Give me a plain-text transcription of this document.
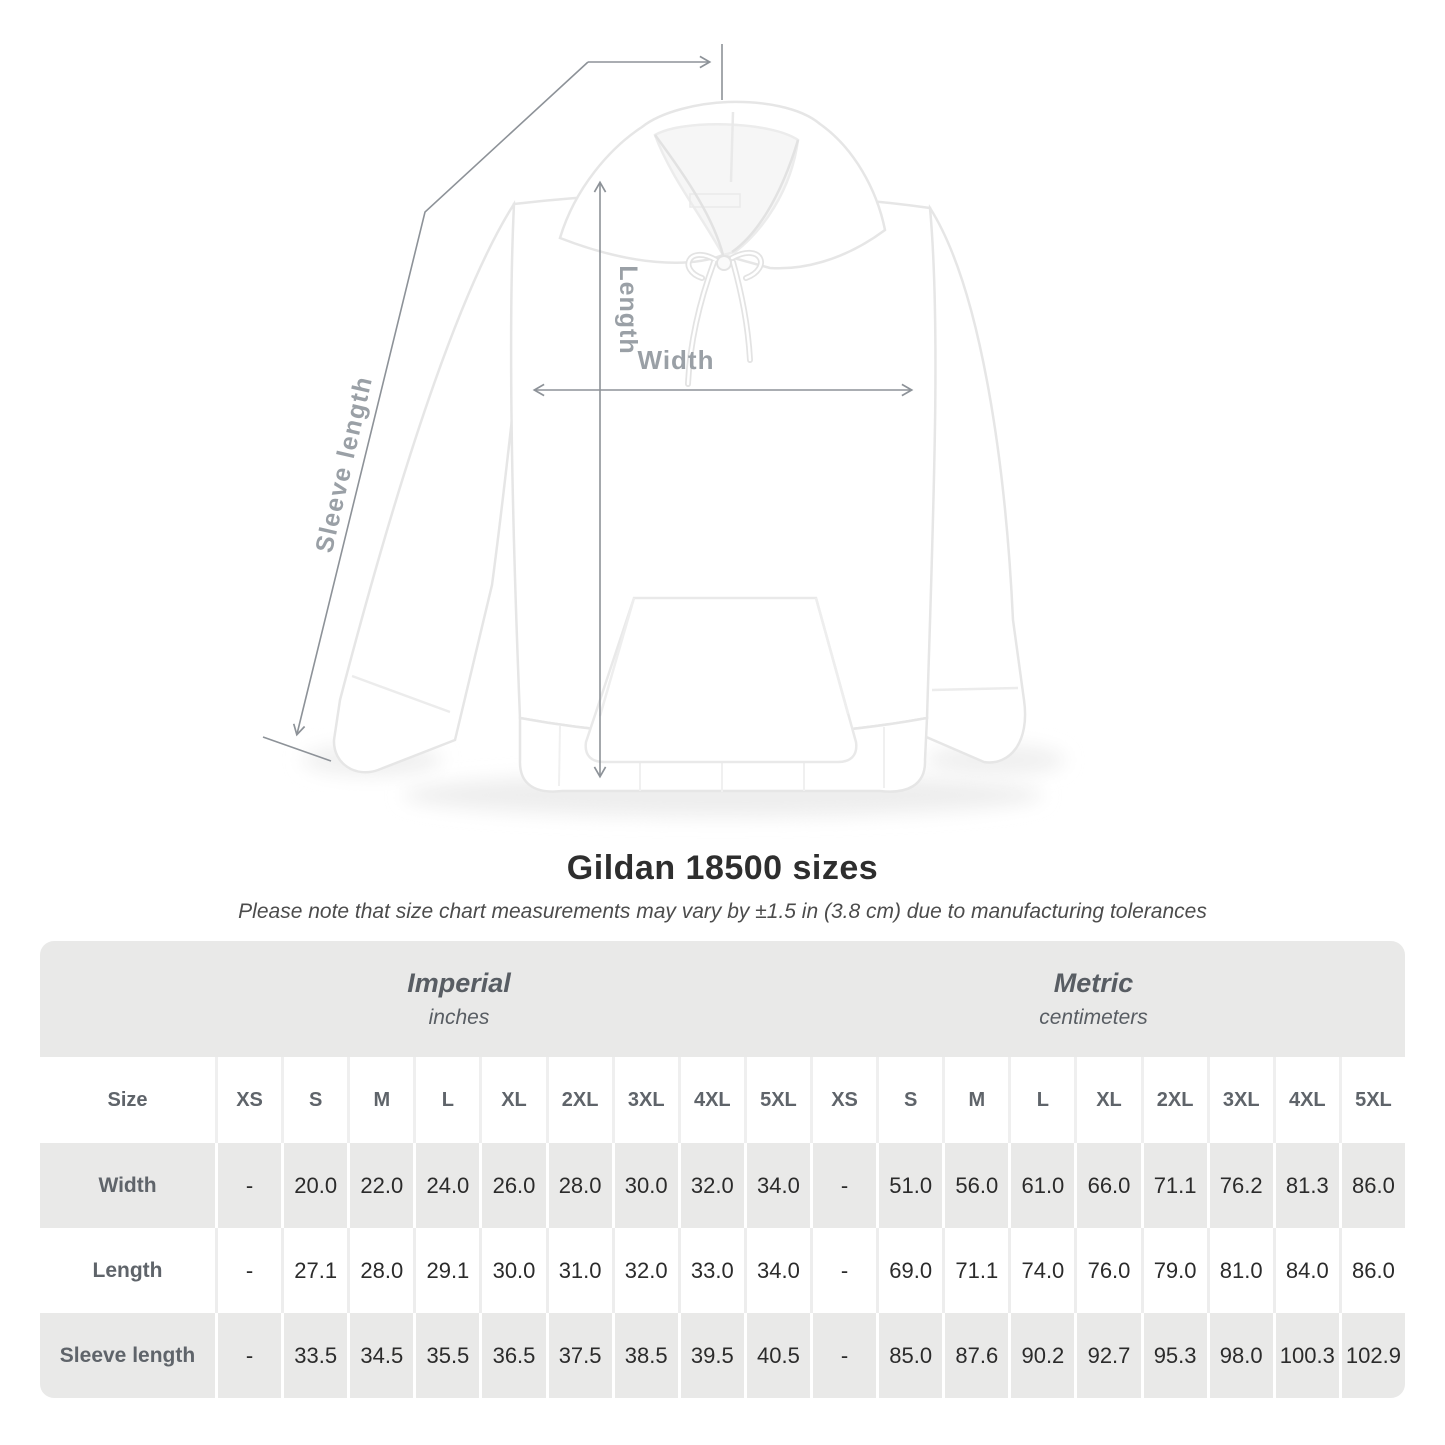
Length
Width
Sleeve length
Gildan 18500 sizes

Please note that size chart measurements may vary by ±1.5 in (3.8 cm) due to manufacturing tolerances

Imperial
inches
Metric
centimeters
Size	XS	S	M	L	XL	2XL	3XL	4XL	5XL	XS	S	M	L	XL	2XL	3XL	4XL	5XL
Width	-	20.0	22.0	24.0	26.0	28.0	30.0	32.0	34.0	-	51.0	56.0	61.0	66.0	71.1	76.2	81.3	86.0
Length	-	27.1	28.0	29.1	30.0	31.0	32.0	33.0	34.0	-	69.0	71.1	74.0	76.0	79.0	81.0	84.0	86.0
Sleeve length	-	33.5	34.5	35.5	36.5	37.5	38.5	39.5	40.5	-	85.0	87.6	90.2	92.7	95.3	98.0 100.3 102.9
